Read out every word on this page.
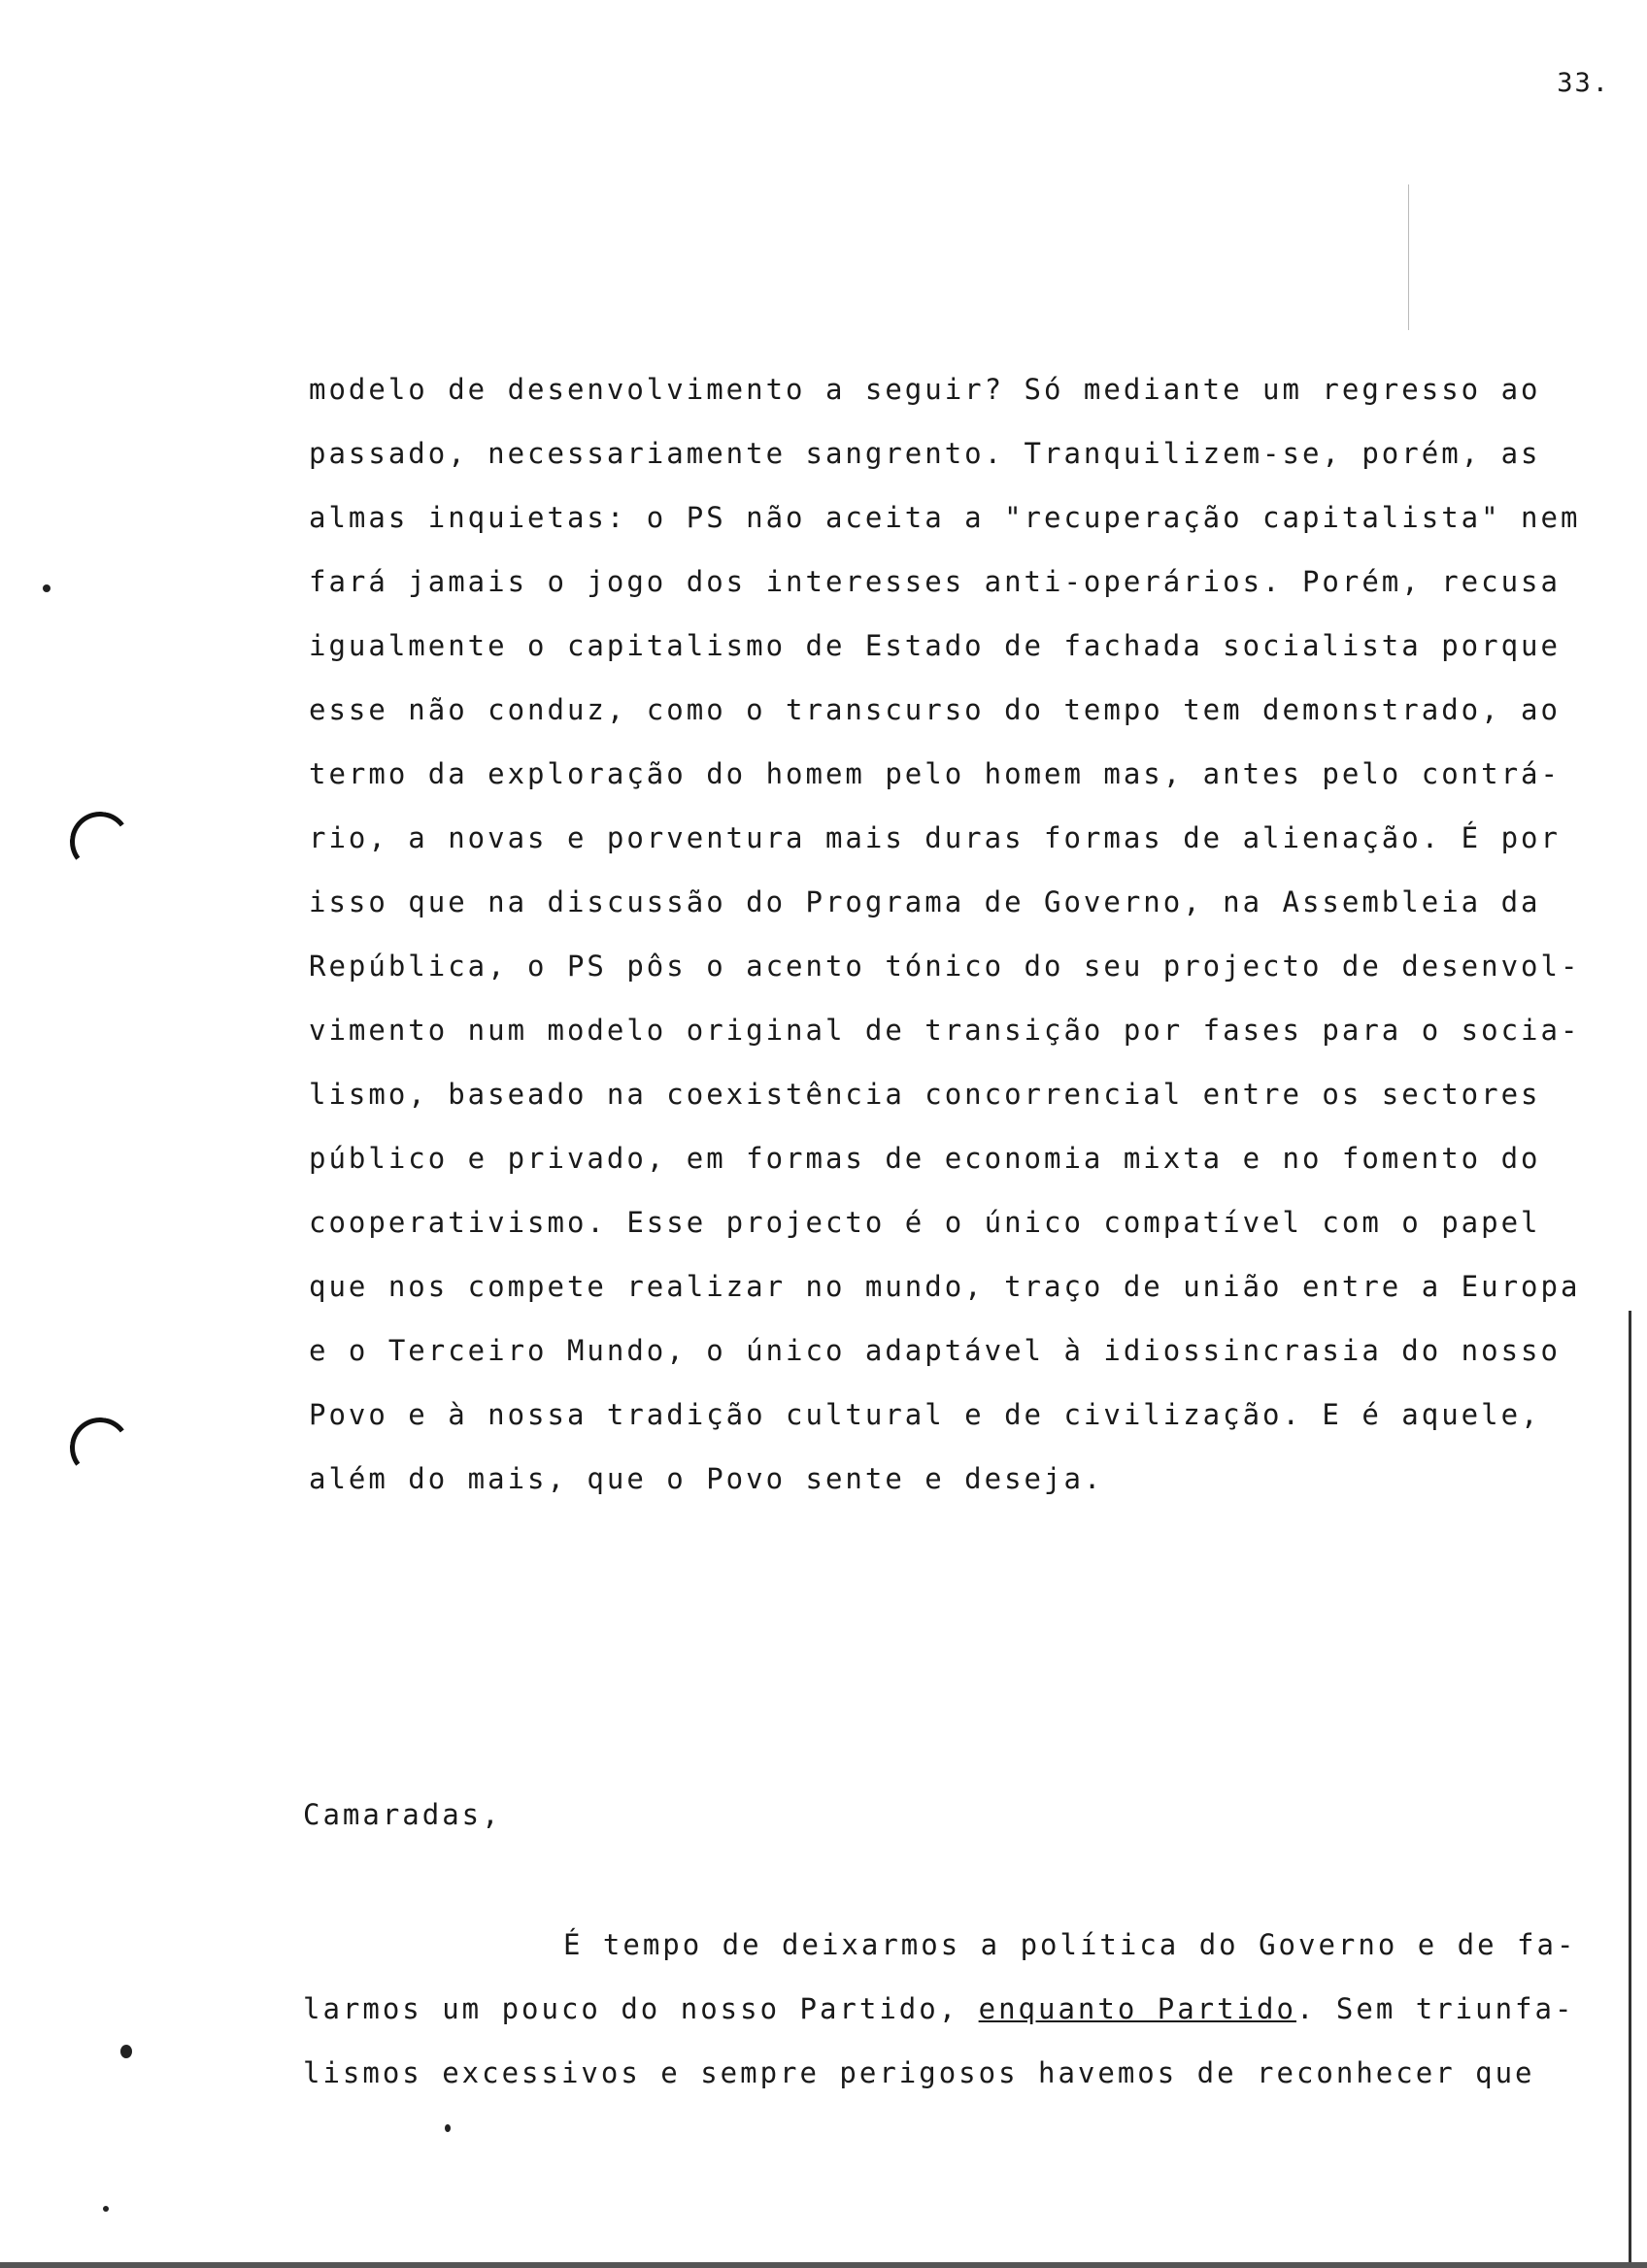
33.
modelo de desenvolvimento a seguir? Só mediante um regresso ao
passado, necessariamente sangrento. Tranquilizem-se, porém, as
almas inquietas: o PS não aceita a "recuperação capitalista" nem
fará jamais o jogo dos interesses anti-operários. Porém, recusa
igualmente o capitalismo de Estado de fachada socialista porque
esse não conduz, como o transcurso do tempo tem demonstrado, ao
termo da exploração do homem pelo homem mas, antes pelo contrá-
rio, a novas e porventura mais duras formas de alienação. É por
isso que na discussão do Programa de Governo, na Assembleia da
República, o PS pôs o acento tónico do seu projecto de desenvol-
vimento num modelo original de transição por fases para o socia-
lismo, baseado na coexistência concorrencial entre os sectores
público e privado, em formas de economia mixta e no fomento do
cooperativismo. Esse projecto é o único compatível com o papel
que nos compete realizar no mundo, traço de união entre a Europa
e o Terceiro Mundo, o único adaptável à idiossincrasia do nosso
Povo e à nossa tradição cultural e de civilização. E é aquele,
além do mais, que o Povo sente e deseja.
Camaradas,
É tempo de deixarmos a política do Governo e de fa-
larmos um pouco do nosso Partido, enquanto Partido. Sem triunfa-
lismos excessivos e sempre perigosos havemos de reconhecer que
